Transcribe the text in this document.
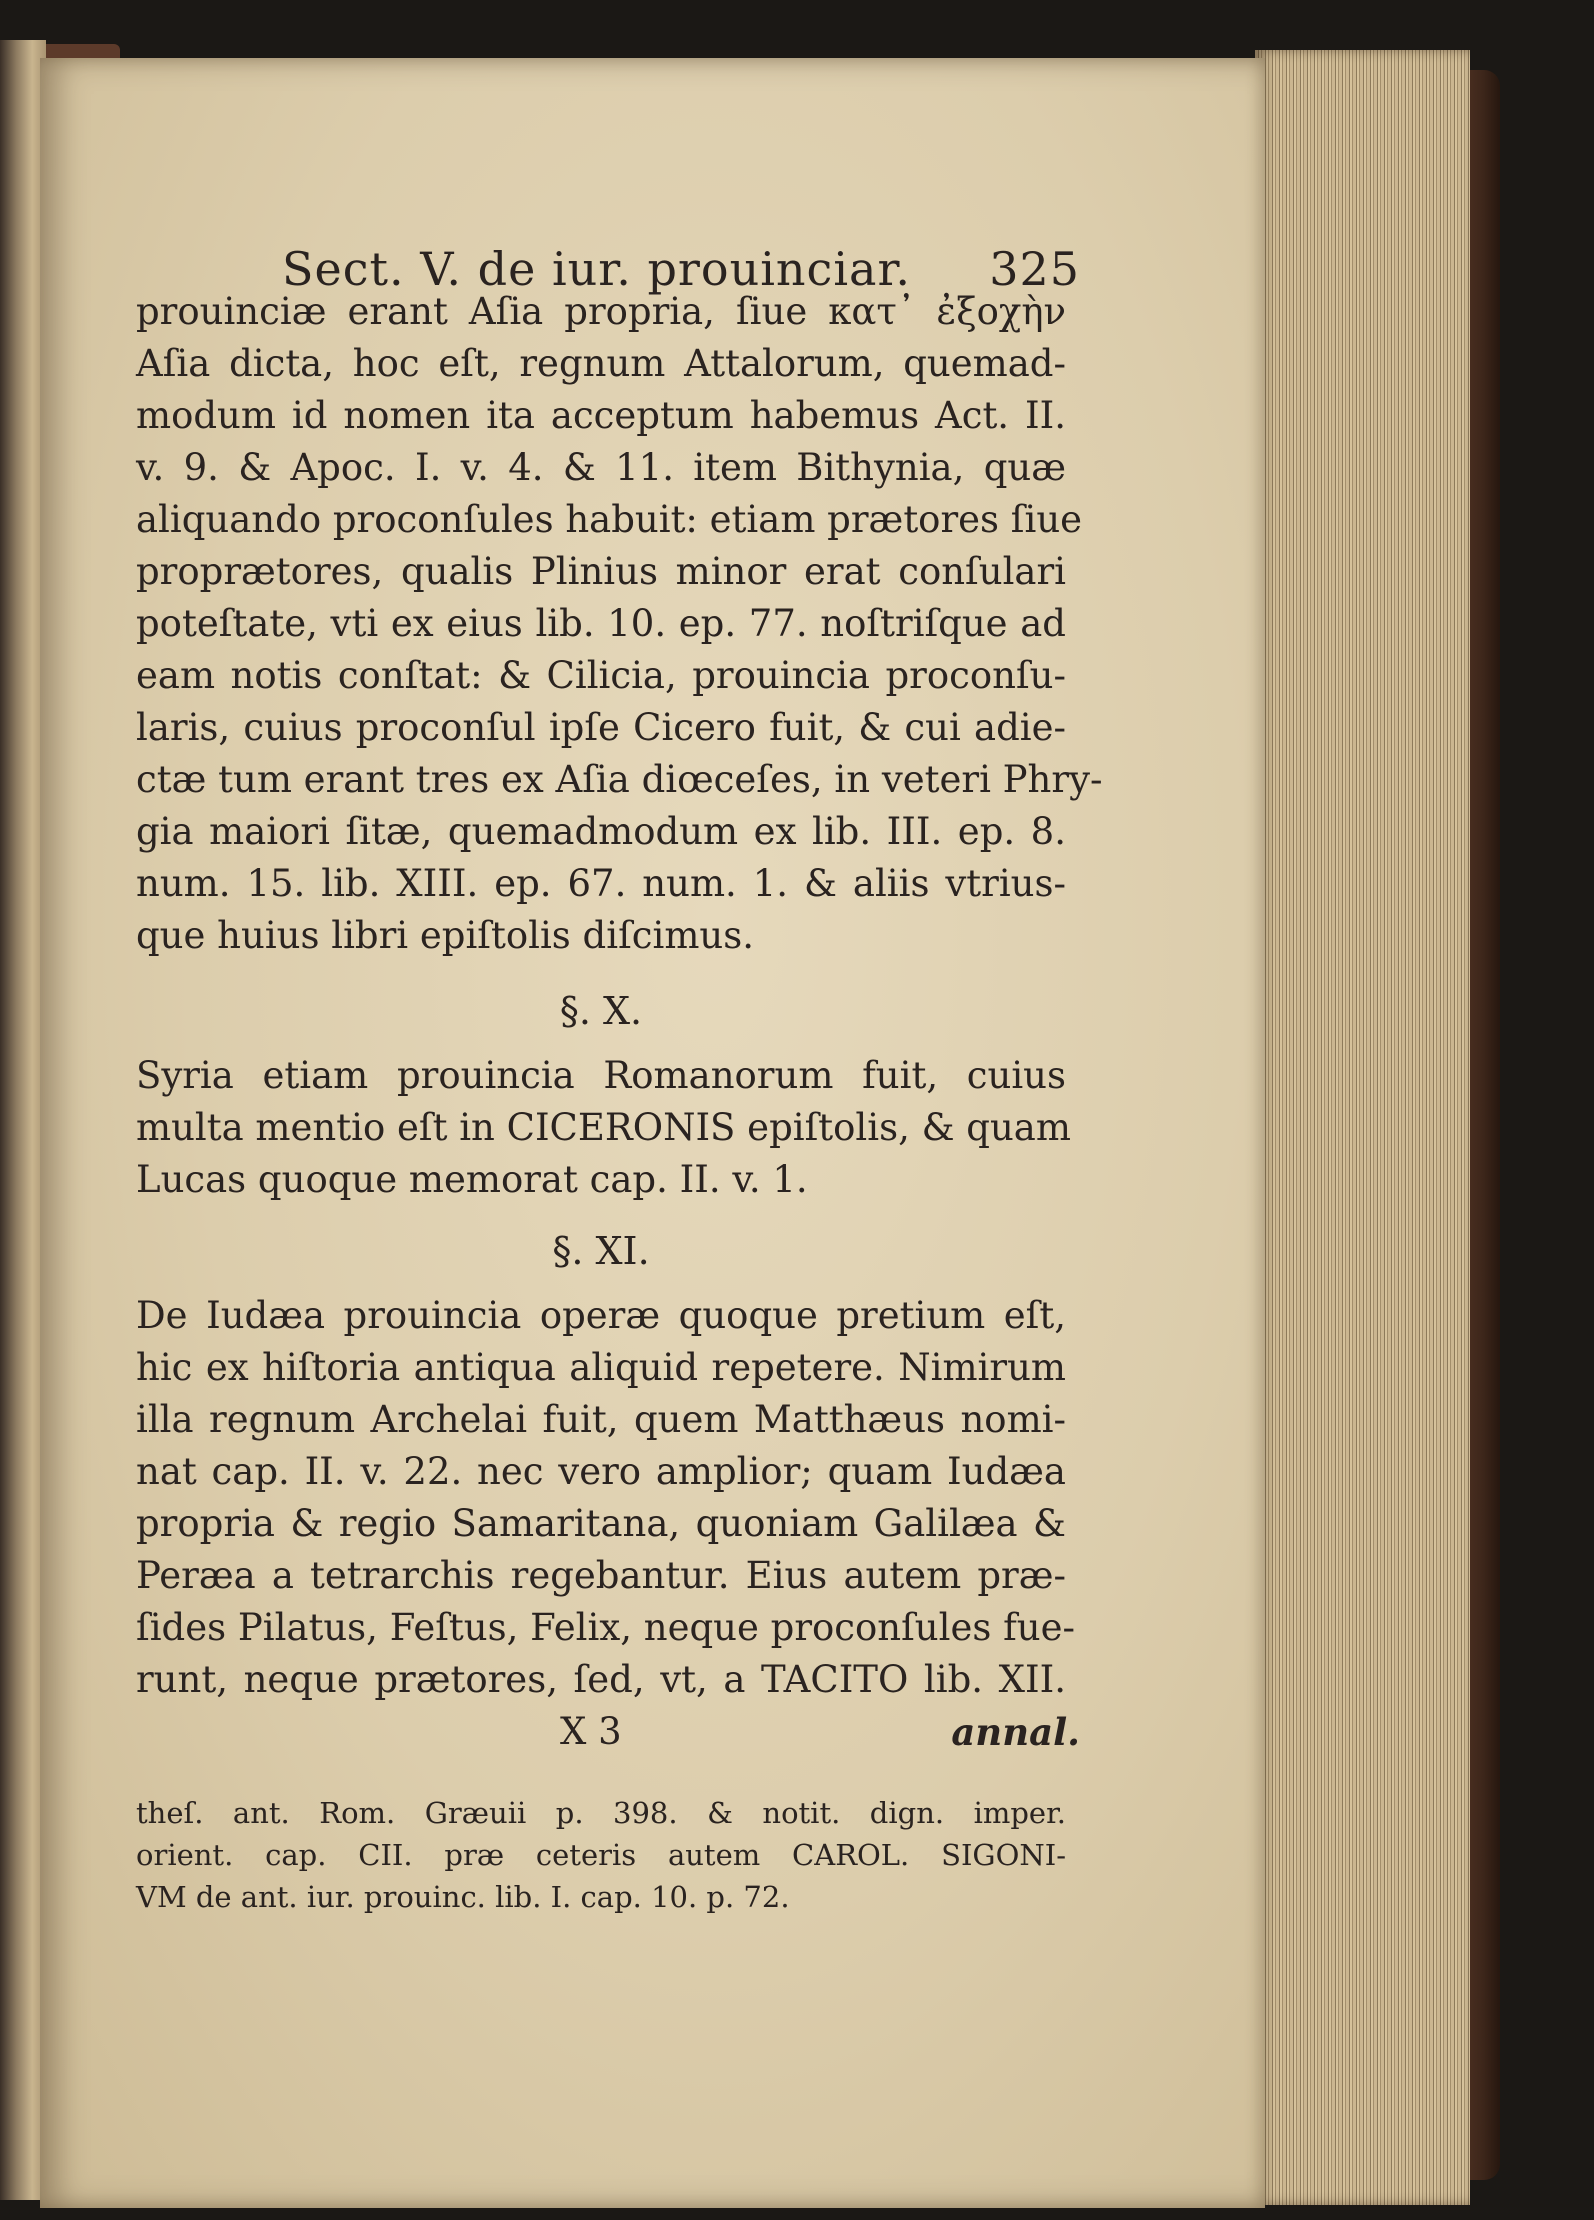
Sect. V. de iur. prouinciar. 325
prouinciæ erant Aſia propria, ſiue κατ᾽ ἐξοχὴν
Aſia dicta, hoc eſt, regnum Attalorum, quemad-
modum id nomen ita acceptum habemus Act. II.
v. 9. & Apoc. I. v. 4. & 11. item Bithynia, quæ
aliquando proconſules habuit: etiam prætores ſiue
proprætores, qualis Plinius minor erat conſulari
poteſtate, vti ex eius lib. 10. ep. 77. noſtriſque ad
eam notis conſtat: & Cilicia, prouincia proconſu-
laris, cuius proconſul ipſe Cicero fuit, & cui adie-
ctæ tum erant tres ex Aſia diœceſes, in veteri Phry-
gia maiori ſitæ, quemadmodum ex lib. III. ep. 8.
num. 15. lib. XIII. ep. 67. num. 1. & aliis vtrius-
que huius libri epiſtolis diſcimus.
§. X.
Syria etiam prouincia Romanorum fuit, cuius
multa mentio eſt in CICERONIS epiſtolis, & quam
Lucas quoque memorat cap. II. v. 1.
§. XI.
De Iudæa prouincia operæ quoque pretium eſt,
hic ex hiſtoria antiqua aliquid repetere. Nimirum
illa regnum Archelai fuit, quem Matthæus nomi-
nat cap. II. v. 22. nec vero amplior; quam Iudæa
propria & regio Samaritana, quoniam Galilæa &
Peræa a tetrarchis regebantur. Eius autem præ-
ſides Pilatus, Feſtus, Felix, neque proconſules fue-
runt, neque prætores, ſed, vt, a TACITO lib. XII.
X 3	annal.
theſ. ant. Rom. Græuii p. 398. & notit. dign. imper.
orient. cap. CII. præ ceteris autem CAROL. SIGONI-
VM de ant. iur. prouinc. lib. I. cap. 10. p. 72.
